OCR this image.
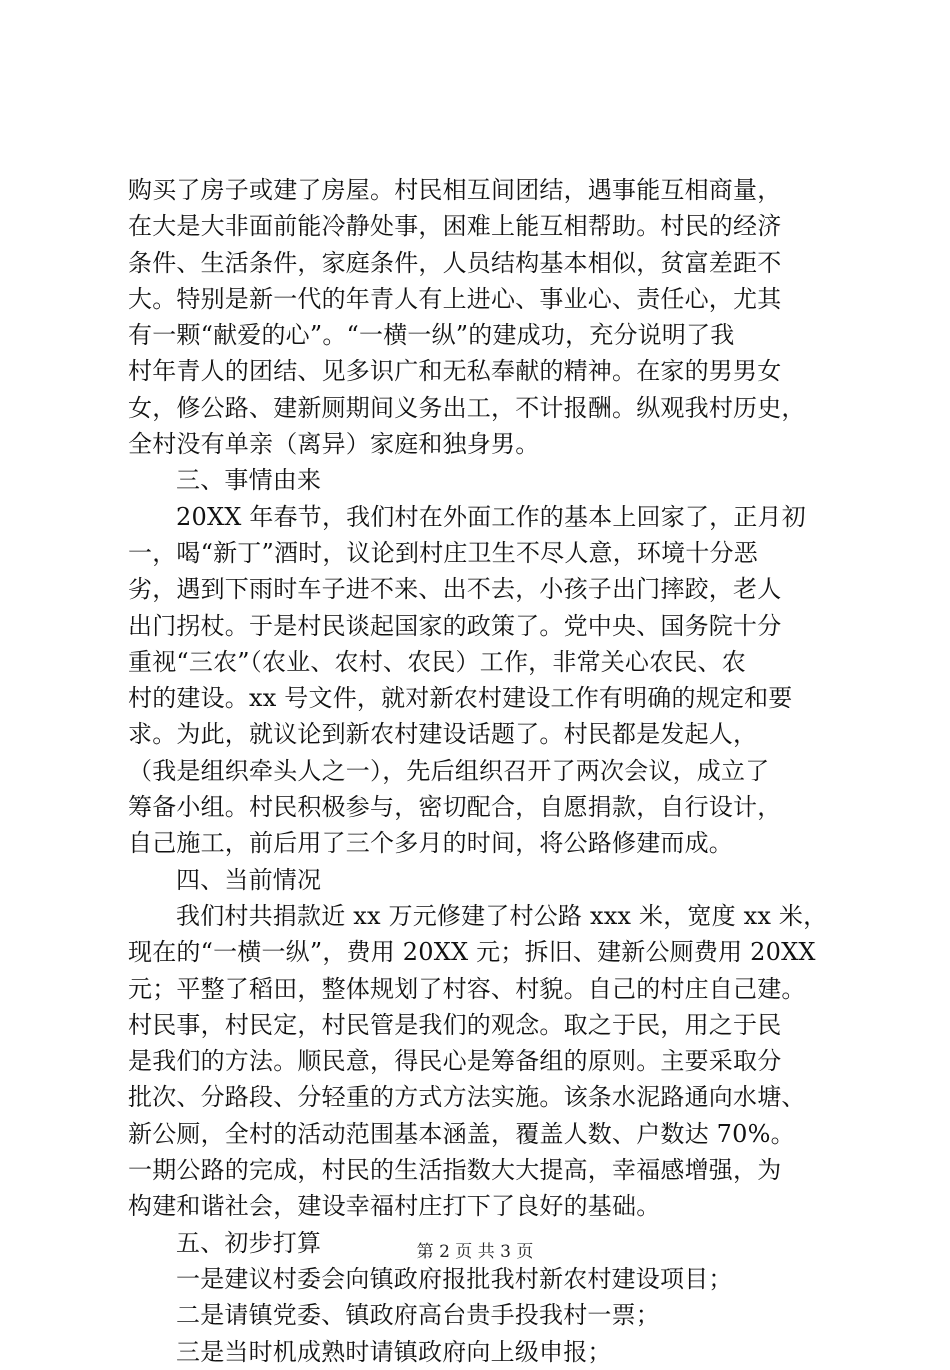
购买了房子或建了房屋。村民相互间团结，遇事能互相商量，
在大是大非面前能冷静处事，困难上能互相帮助。村民的经济
条件、生活条件，家庭条件，人员结构基本相似，贫富差距不
大。特别是新一代的年青人有上进心、事业心、责任心，尤其
有一颗“献爱的心”。“一横一纵”的建成功，充分说明了我
村年青人的团结、见多识广和无私奉献的精神。在家的男男女
女，修公路、建新厕期间义务出工，不计报酬。纵观我村历史，
全村没有单亲（离异）家庭和独身男。
三、事情由来
20XX 年春节，我们村在外面工作的基本上回家了，正月初
一，喝“新丁”酒时，议论到村庄卫生不尽人意，环境十分恶
劣，遇到下雨时车子进不来、出不去，小孩子出门摔跤，老人
出门拐杖。于是村民谈起国家的政策了。党中央、国务院十分
重视“三农”（农业、农村、农民）工作，非常关心农民、农
村的建设。xx 号文件，就对新农村建设工作有明确的规定和要
求。为此，就议论到新农村建设话题了。村民都是发起人，
（我是组织牵头人之一），先后组织召开了两次会议，成立了
筹备小组。村民积极参与，密切配合，自愿捐款，自行设计，
自己施工，前后用了三个多月的时间，将公路修建而成。
四、当前情况
我们村共捐款近 xx 万元修建了村公路 xxx 米，宽度 xx 米，
现在的“一横一纵”，费用 20XX 元；拆旧、建新公厕费用 20XX
元；平整了稻田，整体规划了村容、村貌。自己的村庄自己建。
村民事，村民定，村民管是我们的观念。取之于民，用之于民
是我们的方法。顺民意，得民心是筹备组的原则。主要采取分
批次、分路段、分轻重的方式方法实施。该条水泥路通向水塘、
新公厕，全村的活动范围基本涵盖，覆盖人数、户数达 70%。
一期公路的完成，村民的生活指数大大提高，幸福感增强，为
构建和谐社会，建设幸福村庄打下了良好的基础。
五、初步打算
一是建议村委会向镇政府报批我村新农村建设项目；
二是请镇党委、镇政府高台贵手投我村一票；
三是当时机成熟时请镇政府向上级申报；
第 2 页 共 3 页
